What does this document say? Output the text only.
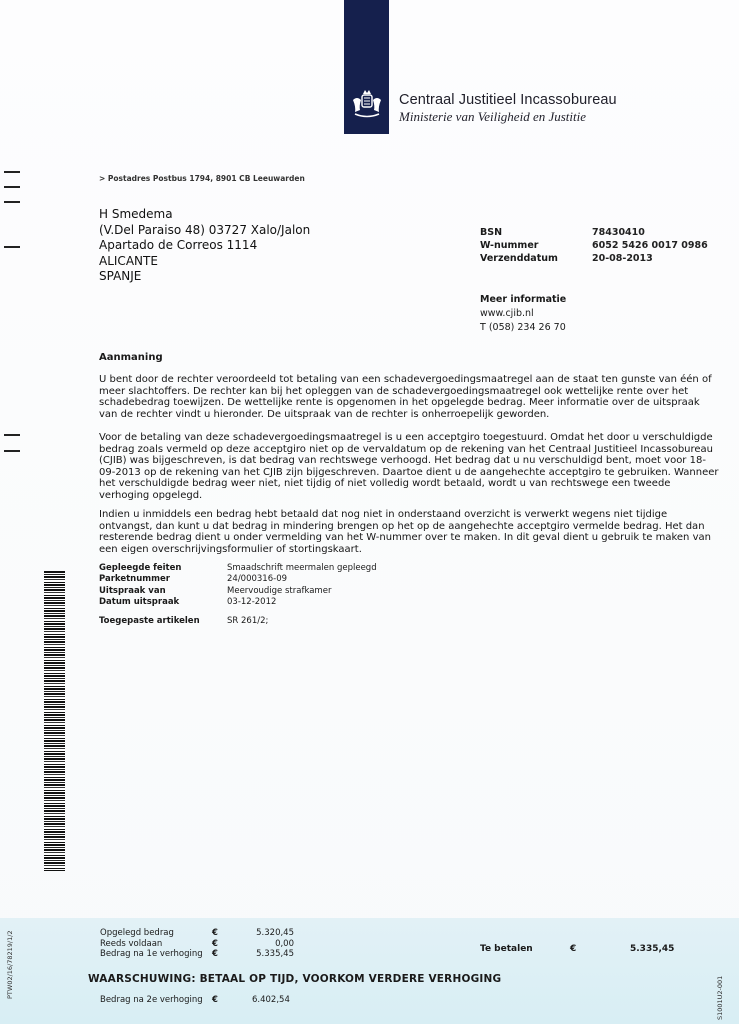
Centraal Justitieel Incassobureau
Ministerie van Veiligheid en Justitie
> Postadres Postbus 1794, 8901 CB Leeuwarden
H Smedema
(V.Del Paraiso 48) 03727 Xalo/Jalon
Apartado de Correos 1114
ALICANTE
SPANJE
BSN	78430410
W-nummer	6052 5426 0017 0986
Verzenddatum	20-08-2013
Meer informatie
www.cjib.nl
T (058) 234 26 70
Aanmaning

U bent door de rechter veroordeeld tot betaling van een schadevergoedingsmaatregel aan de staat ten gunste van één of meer slachtoffers. De rechter kan bij het opleggen van de schadevergoedingsmaatregel ook wettelijke rente over het schadebedrag toewijzen. De wettelijke rente is opgenomen in het opgelegde bedrag. Meer informatie over de uitspraak van de rechter vindt u hieronder. De uitspraak van de rechter is onherroepelijk geworden.

Voor de betaling van deze schadevergoedingsmaatregel is u een acceptgiro toegestuurd. Omdat het door u verschuldigde bedrag zoals vermeld op deze acceptgiro niet op de vervaldatum op de rekening van het Centraal Justitieel Incassobureau (CJIB) was bijgeschreven, is dat bedrag van rechtswege verhoogd. Het bedrag dat u nu verschuldigd bent, moet voor 18-09-2013 op de rekening van het CJIB zijn bijgeschreven. Daartoe dient u de aangehechte acceptgiro te gebruiken. Wanneer het verschuldigde bedrag weer niet, niet tijdig of niet volledig wordt betaald, wordt u van rechtswege een tweede verhoging opgelegd.

Indien u inmiddels een bedrag hebt betaald dat nog niet in onderstaand overzicht is verwerkt wegens niet tijdige ontvangst, dan kunt u dat bedrag in mindering brengen op het op de aangehechte acceptgiro vermelde bedrag. Het dan resterende bedrag dient u onder vermelding van het W-nummer over te maken. In dit geval dient u gebruik te maken van een eigen overschrijvingsformulier of stortingskaart.

Gepleegde feiten	Smaadschrift meermalen gepleegd
Parketnummer	24/000316-09
Uitspraak van	Meervoudige strafkamer
Datum uitspraak	03-12-2012
Toegepaste artikelen	SR 261/2;
PTW02/16/78219/1/2	S1001U2-001
Opgelegd bedrag	€	5.320,45
Reeds voldaan	€	0,00
Bedrag na 1e verhoging	€	5.335,45	Te betalen	€	5.335,45
WAARSCHUWING: BETAAL OP TIJD, VOORKOM VERDERE VERHOGING
Bedrag na 2e verhoging	€	6.402,54
